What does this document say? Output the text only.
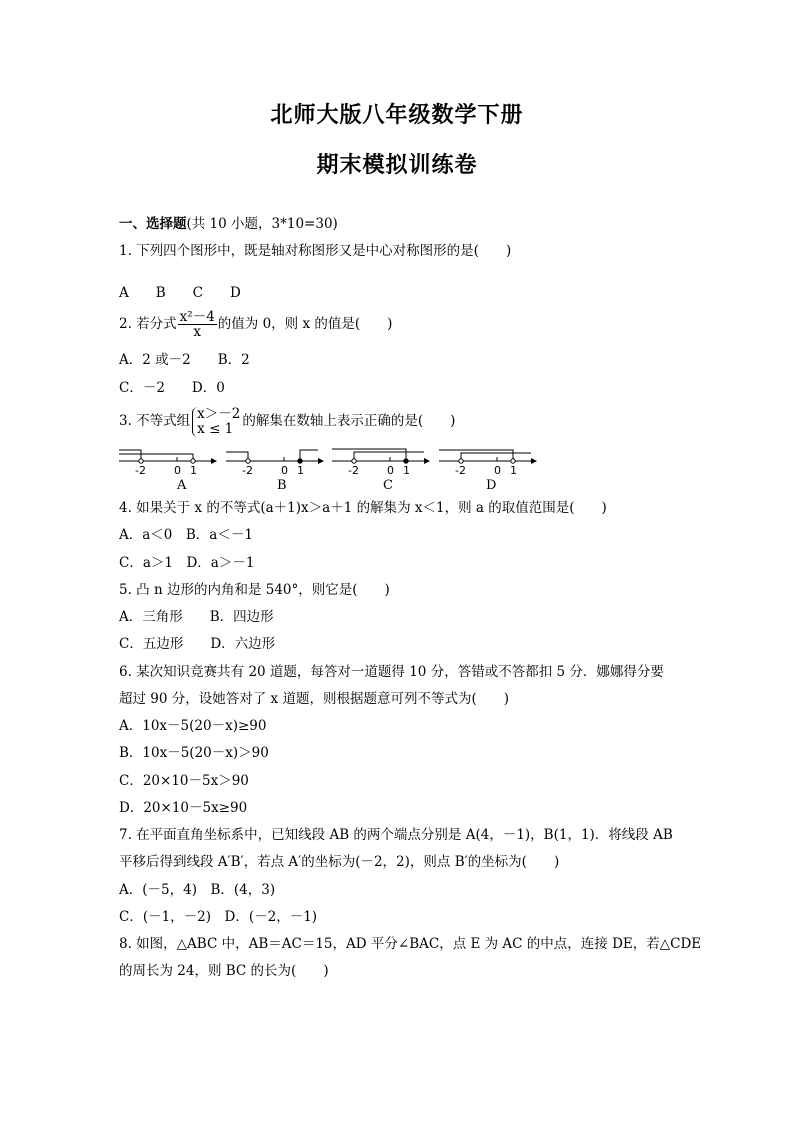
北师大版八年级数学下册
期末模拟训练卷
一、选择题(共 10 小题，3*10=30)
1. 下列四个图形中，既是轴对称图形又是中心对称图形的是(　　)
A　　B　　C　　D
2. 若分式 $\frac{\text{x²－4}}{x}$ 的值为 0，则 x 的值是(　　)
A．2 或－2　　B．2
C．－2　　D．0
3. 不等式组 x＞－2
x ≤ 1 的解集在数轴上表示正确的是(　　)
-2	0 1
A
-2	0 1
B
-2	0 1
C
-2	0 1
D
4. 如果关于 x 的不等式(a＋1)x＞a＋1 的解集为 x＜1，则 a 的取值范围是(　　)
A．a＜0　B．a＜－1
C．a＞1　D．a＞－1
5. 凸 n 边形的内角和是 540°，则它是(　　)
A．三角形　　B．四边形
C．五边形　　D．六边形
6. 某次知识竞赛共有 20 道题，每答对一道题得 10 分，答错或不答都扣 5 分．娜娜得分要
超过 90 分，设她答对了 x 道题，则根据题意可列不等式为(　　)
A．10x－5(20－x)≥90
B．10x－5(20－x)＞90
C．20×10－5x＞90
D．20×10－5x≥90
7. 在平面直角坐标系中，已知线段 AB 的两个端点分别是 A(4，－1)，B(1，1)．将线段 AB
平移后得到线段 A′B′，若点 A′的坐标为(－2，2)，则点 B′的坐标为(　　)
A．(－5，4)　B．(4，3)
C．(－1，－2)　D．(－2，－1)
8. 如图，△ABC 中，AB＝AC＝15，AD 平分∠BAC，点 E 为 AC 的中点，连接 DE，若△CDE
的周长为 24，则 BC 的长为(　　)
